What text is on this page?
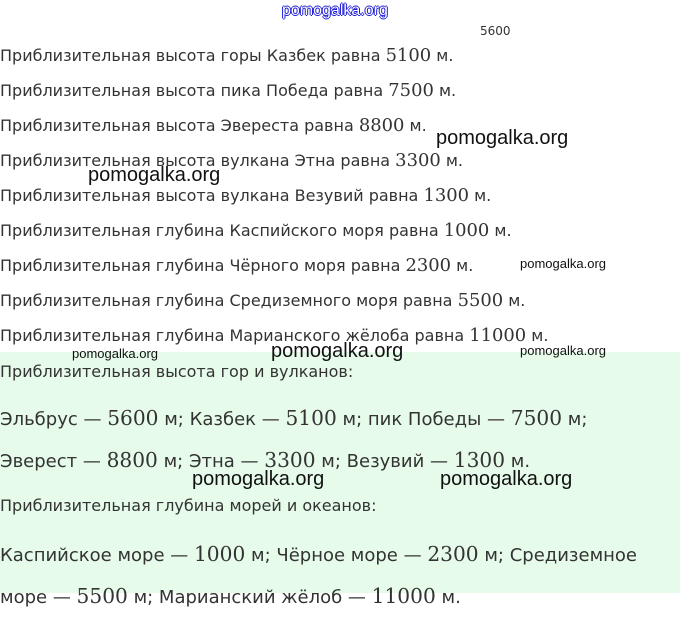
pomogalka.org
5600
Приблизительная высота горы Казбек равна 5100 м.
Приблизительная высота пика Победа равна 7500 м.
Приблизительная высота Эвереста равна 8800 м.
Приблизительная высота вулкана Этна равна 3300 м.
Приблизительная высота вулкана Везувий равна 1300 м.
Приблизительная глубина Каспийского моря равна 1000 м.
Приблизительная глубина Чёрного моря равна 2300 м.
Приблизительная глубина Средиземного моря равна 5500 м.
Приблизительная глубина Марианского жёлоба равна 11000 м.
Приблизительная высота гор и вулканов:
Эльбрус — 5600 м; Казбек — 5100 м; пик Победы — 7500 м; Эверест — 8800 м; Этна — 3300 м; Везувий — 1300 м.
Приблизительная глубина морей и океанов:
Каспийское море — 1000 м; Чёрное море — 2300 м; Средиземное море — 5500 м; Марианский жёлоб — 11000 м.
pomogalka.org
pomogalka.org
pomogalka.org
pomogalka.org	pomogalka.org	pomogalka.org
pomogalka.org	pomogalka.org
